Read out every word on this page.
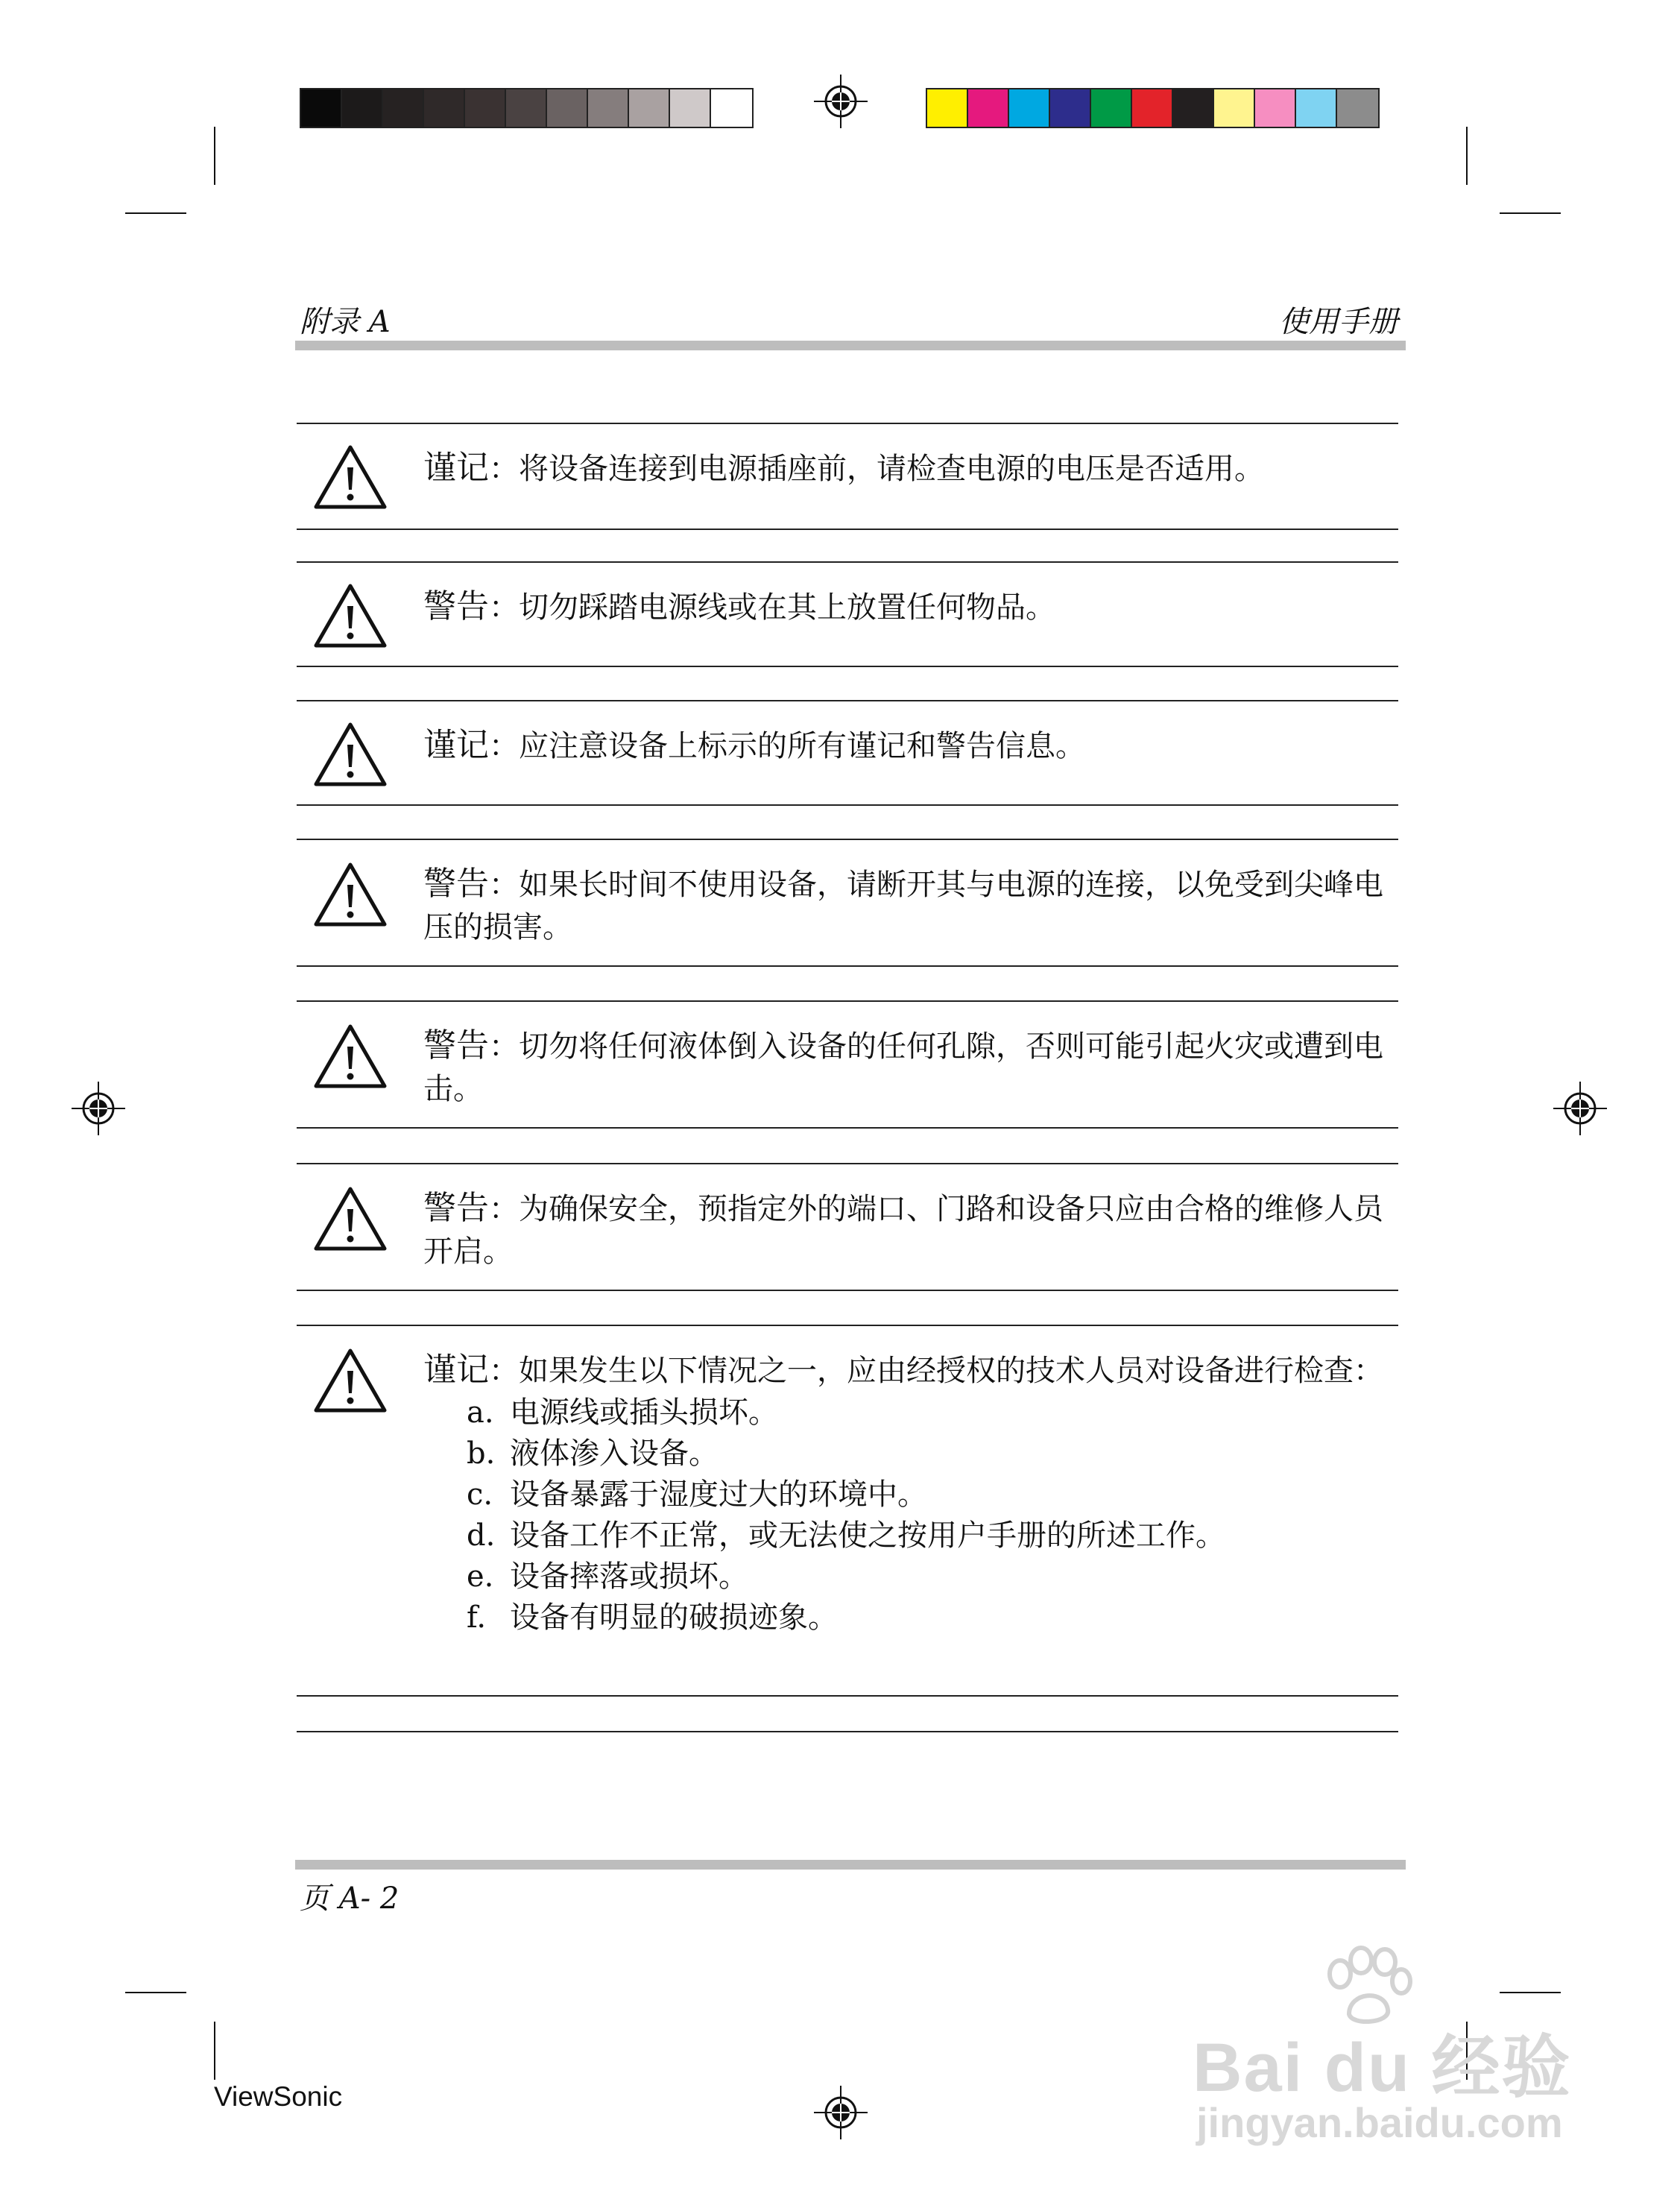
附录 A	使用手册
谨记：将设备连接到电源插座前，请检查电源的电压是否适用。
警告：切勿踩踏电源线或在其上放置任何物品。
谨记：应注意设备上标示的所有谨记和警告信息。
警告：如果长时间不使用设备，请断开其与电源的连接，以免受到尖峰电压的损害。
警告：切勿将任何液体倒入设备的任何孔隙，否则可能引起火灾或遭到电击。
警告：为确保安全，预指定外的端口、门路和设备只应由合格的维修人员开启。
谨记：如果发生以下情况之一，应由经授权的技术人员对设备进行检查：
a. 电源线或插头损坏。
b. 液体渗入设备。
c. 设备暴露于湿度过大的环境中。
d. 设备工作不正常，或无法使之按用户手册的所述工作。
e. 设备摔落或损坏。
f. 设备有明显的破损迹象。
页 A- 2
ViewSonic	Bai du 经验
jingyan.baidu.com
